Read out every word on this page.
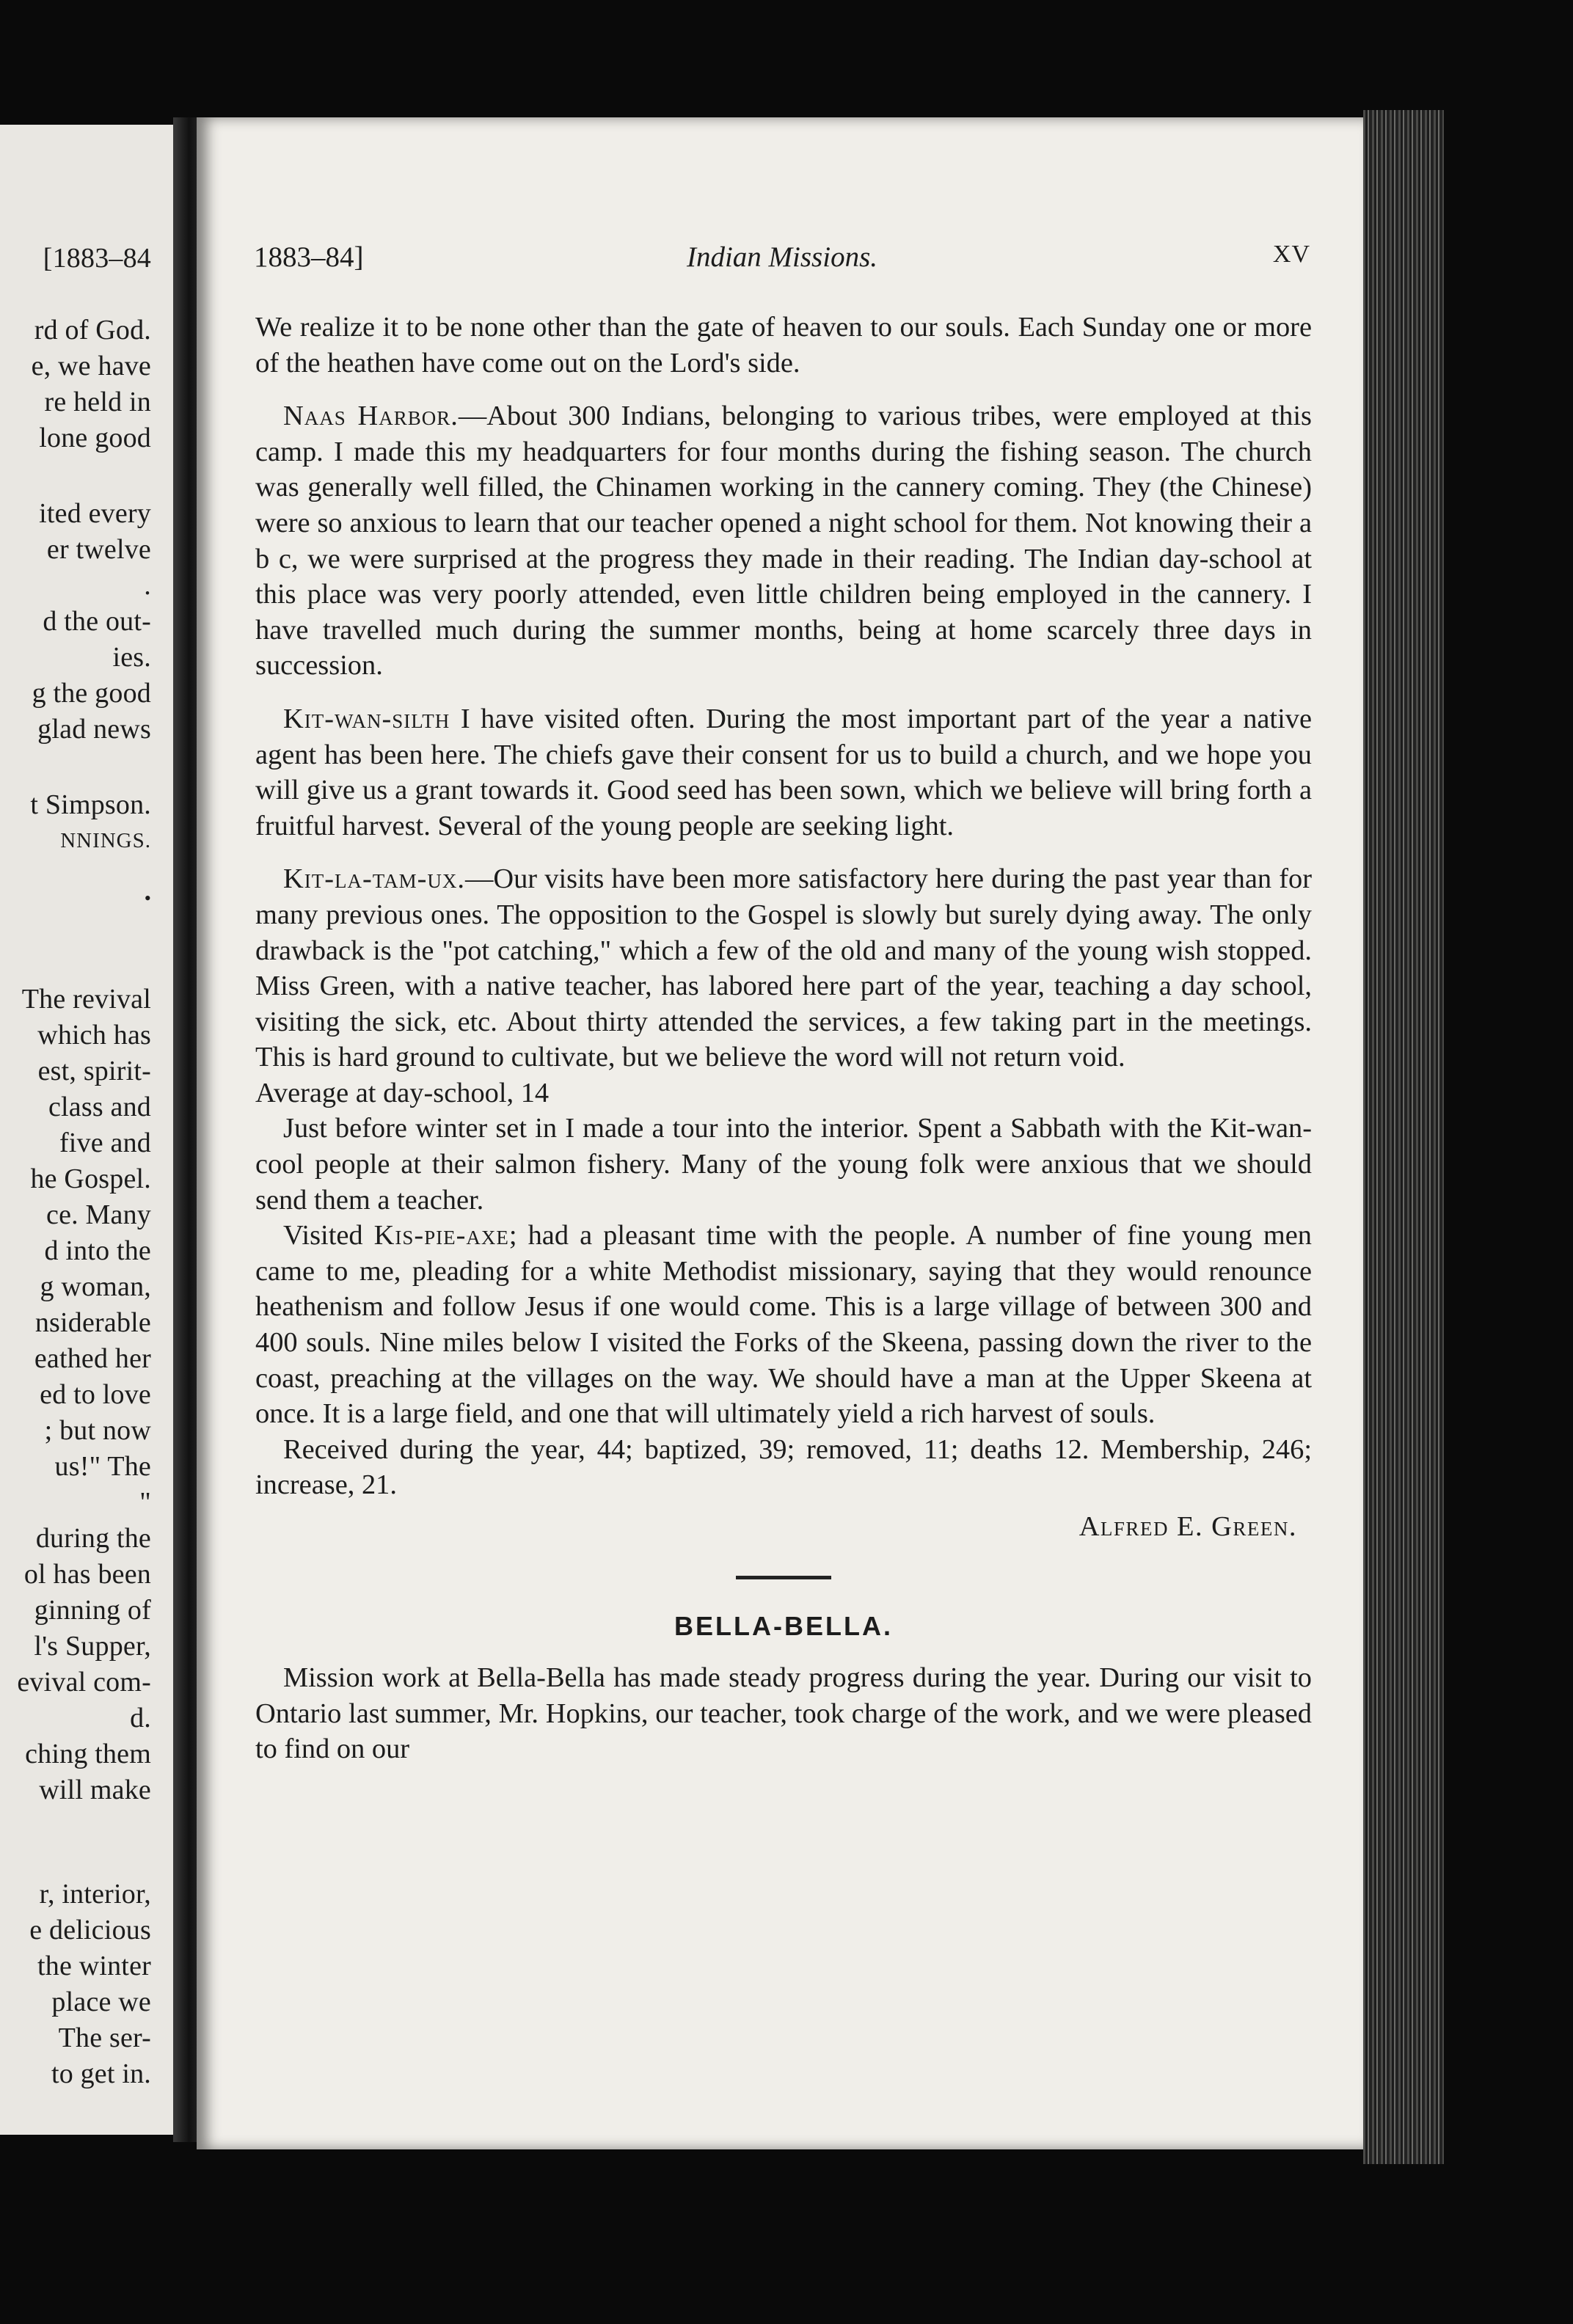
[1883–84
rd of God.
e, we have
re held in
lone good
ited every
er twelve
.
d the out-
ies.
g the good
glad news
t Simpson.
NNINGS.
•
The revival
which has
est, spirit-
class and
five and
he Gospel.
ce. Many
d into the
g woman,
nsiderable
eathed her
ed to love
; but now
us!" The
"
during the
ol has been
ginning of
l's Supper,
evival com-
d.
ching them
will make
r, interior,
e delicious
the winter
place we
The ser-
to get in.
1883–84]	Indian Missions.	XV

We realize it to be none other than the gate of heaven to our souls. Each Sunday one or more of the heathen have come out on the Lord's side.

Naas Harbor.—About 300 Indians, belonging to various tribes, were employed at this camp. I made this my headquarters for four months during the fishing season. The church was generally well filled, the Chinamen working in the cannery coming. They (the Chinese) were so anxious to learn that our teacher opened a night school for them. Not knowing their a b c, we were surprised at the progress they made in their reading. The Indian day-school at this place was very poorly attended, even little children being employed in the cannery. I have travelled much during the summer months, being at home scarcely three days in succession.

Kit-wan-silth I have visited often. During the most important part of the year a native agent has been here. The chiefs gave their consent for us to build a church, and we hope you will give us a grant towards it. Good seed has been sown, which we believe will bring forth a fruitful harvest. Several of the young people are seeking light.

Kit-la-tam-ux.—Our visits have been more satisfactory here during the past year than for many previous ones. The opposition to the Gospel is slowly but surely dying away. The only drawback is the "pot catching," which a few of the old and many of the young wish stopped. Miss Green, with a native teacher, has labored here part of the year, teaching a day school, visiting the sick, etc. About thirty attended the services, a few taking part in the meetings. This is hard ground to cultivate, but we believe the word will not return void.

Average at day-school, 14

Just before winter set in I made a tour into the interior. Spent a Sabbath with the Kit-wan-cool people at their salmon fishery. Many of the young folk were anxious that we should send them a teacher.

Visited Kis-pie-axe; had a pleasant time with the people. A number of fine young men came to me, pleading for a white Methodist missionary, saying that they would renounce heathenism and follow Jesus if one would come. This is a large village of between 300 and 400 souls. Nine miles below I visited the Forks of the Skeena, passing down the river to the coast, preaching at the villages on the way. We should have a man at the Upper Skeena at once. It is a large field, and one that will ultimately yield a rich harvest of souls.

Received during the year, 44; baptized, 39; removed, 11; deaths 12. Membership, 246; increase, 21.

Alfred E. Green.
BELLA-BELLA.

Mission work at Bella-Bella has made steady progress during the year. During our visit to Ontario last summer, Mr. Hopkins, our teacher, took charge of the work, and we were pleased to find on our
